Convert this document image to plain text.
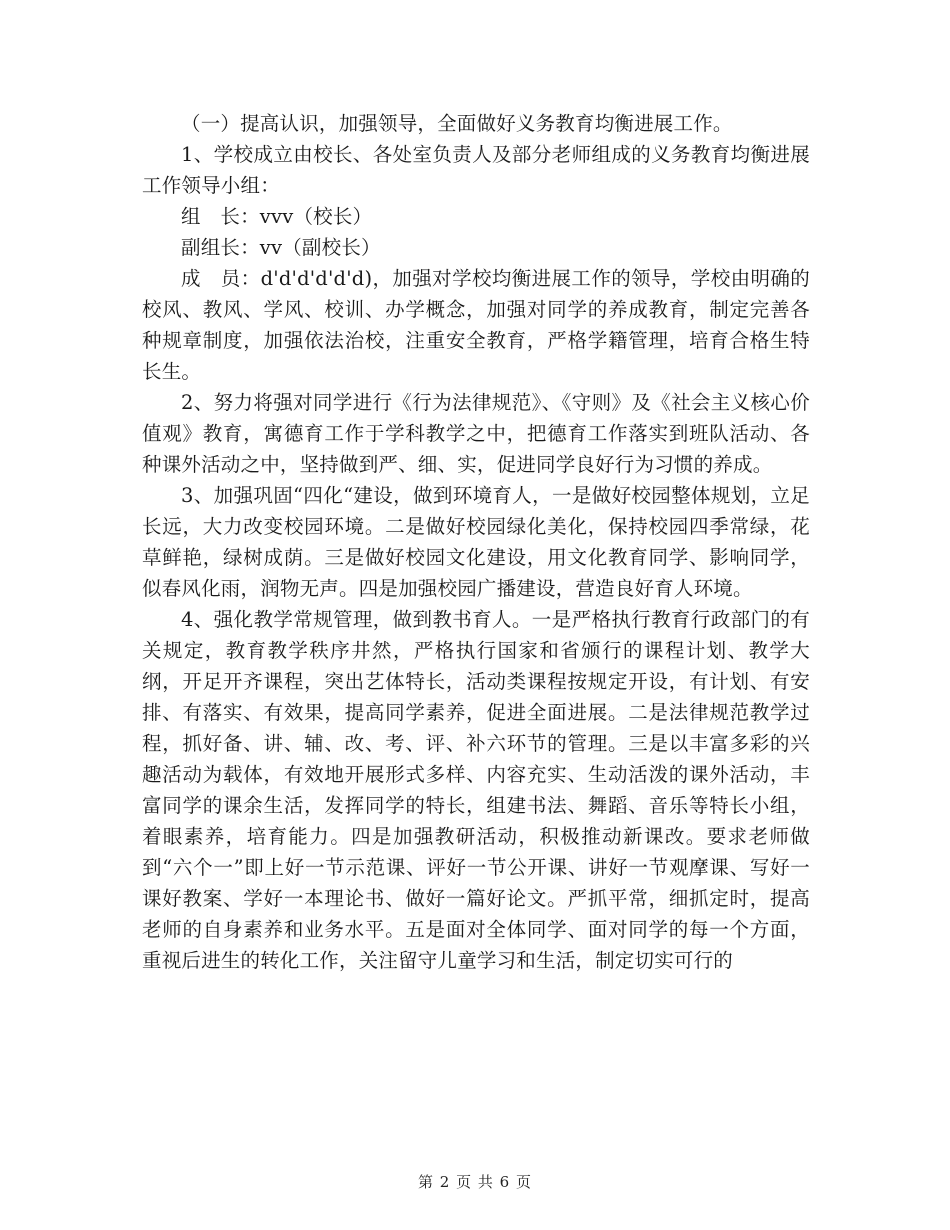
（一）提高认识，加强领导，全面做好义务教育均衡进展工作。

1、学校成立由校长、各处室负责人及部分老师组成的义务教育均衡进展工作领导小组：

组　长：vvv（校长）

副组长：vv（副校长）

成　员：d'd'd'd'd'd)，加强对学校均衡进展工作的领导，学校由明确的校风、教风、学风、校训、办学概念，加强对同学的养成教育，制定完善各种规章制度，加强依法治校，注重安全教育，严格学籍管理，培育合格生特长生。

2、努力将强对同学进行《行为法律规范》、《守则》及《社会主义核心价值观》教育，寓德育工作于学科教学之中，把德育工作落实到班队活动、各种课外活动之中，坚持做到严、细、实，促进同学良好行为习惯的养成。

3、加强巩固“四化“建设，做到环境育人，一是做好校园整体规划，立足长远，大力改变校园环境。二是做好校园绿化美化，保持校园四季常绿，花草鲜艳，绿树成荫。三是做好校园文化建设，用文化教育同学、影响同学，似春风化雨，润物无声。四是加强校园广播建设，营造良好育人环境。

4、强化教学常规管理，做到教书育人。一是严格执行教育行政部门的有关规定，教育教学秩序井然，严格执行国家和省颁行的课程计划、教学大纲，开足开齐课程，突出艺体特长，活动类课程按规定开设，有计划、有安排、有落实、有效果，提高同学素养，促进全面进展。二是法律规范教学过程，抓好备、讲、辅、改、考、评、补六环节的管理。三是以丰富多彩的兴趣活动为载体，有效地开展形式多样、内容充实、生动活泼的课外活动，丰富同学的课余生活，发挥同学的特长，组建书法、舞蹈、音乐等特长小组，着眼素养，培育能力。四是加强教研活动，积极推动新课改。要求老师做到“六个一”即上好一节示范课、评好一节公开课、讲好一节观摩课、写好一课好教案、学好一本理论书、做好一篇好论文。严抓平常，细抓定时，提高老师的自身素养和业务水平。五是面对全体同学、面对同学的每一个方面，重视后进生的转化工作，关注留守儿童学习和生活，制定切实可行的

第 2 页 共 6 页
